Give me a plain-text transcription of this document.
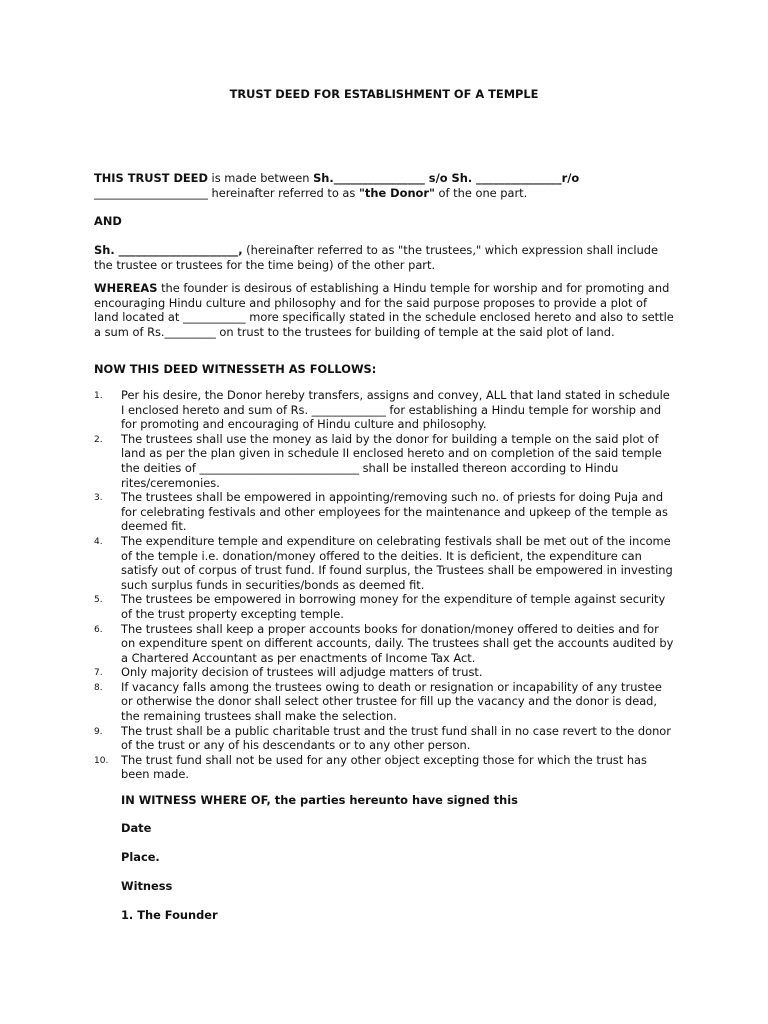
TRUST DEED FOR ESTABLISHMENT OF A TEMPLE
THIS TRUST DEED is made between Sh.________________ s/o Sh. _______________r/o
____________________ hereinafter referred to as "the Donor" of the one part.
AND
Sh. _____________________, (hereinafter referred to as "the trustees," which expression shall include the trustee or trustees for the time being) of the other part.
WHEREAS the founder is desirous of establishing a Hindu temple for worship and for promoting and encouraging Hindu culture and philosophy and for the said purpose proposes to provide a plot of land located at ___________ more specifically stated in the schedule enclosed hereto and also to settle a sum of Rs._________ on trust to the trustees for building of temple at the said plot of land.
NOW THIS DEED WITNESSETH AS FOLLOWS:
1. Per his desire, the Donor hereby transfers, assigns and convey, ALL that land stated in schedule I enclosed hereto and sum of Rs. _____________ for establishing a Hindu temple for worship and for promoting and encouraging of Hindu culture and philosophy.
2. The trustees shall use the money as laid by the donor for building a temple on the said plot of land as per the plan given in schedule II enclosed hereto and on completion of the said temple the deities of ____________________________ shall be installed thereon according to Hindu rites/ceremonies.
3. The trustees shall be empowered in appointing/removing such no. of priests for doing Puja and for celebrating festivals and other employees for the maintenance and upkeep of the temple as deemed fit.
4. The expenditure temple and expenditure on celebrating festivals shall be met out of the income of the temple i.e. donation/money offered to the deities. It is deficient, the expenditure can satisfy out of corpus of trust fund. If found surplus, the Trustees shall be empowered in investing such surplus funds in securities/bonds as deemed fit.
5. The trustees be empowered in borrowing money for the expenditure of temple against security of the trust property excepting temple.
6. The trustees shall keep a proper accounts books for donation/money offered to deities and for on expenditure spent on different accounts, daily. The trustees shall get the accounts audited by a Chartered Accountant as per enactments of Income Tax Act.
7. Only majority decision of trustees will adjudge matters of trust.
8. If vacancy falls among the trustees owing to death or resignation or incapability of any trustee or otherwise the donor shall select other trustee for fill up the vacancy and the donor is dead, the remaining trustees shall make the selection.
9. The trust shall be a public charitable trust and the trust fund shall in no case revert to the donor of the trust or any of his descendants or to any other person.
10. The trust fund shall not be used for any other object excepting those for which the trust has been made.
IN WITNESS WHERE OF, the parties hereunto have signed this
Date
Place.
Witness
1. The Founder
